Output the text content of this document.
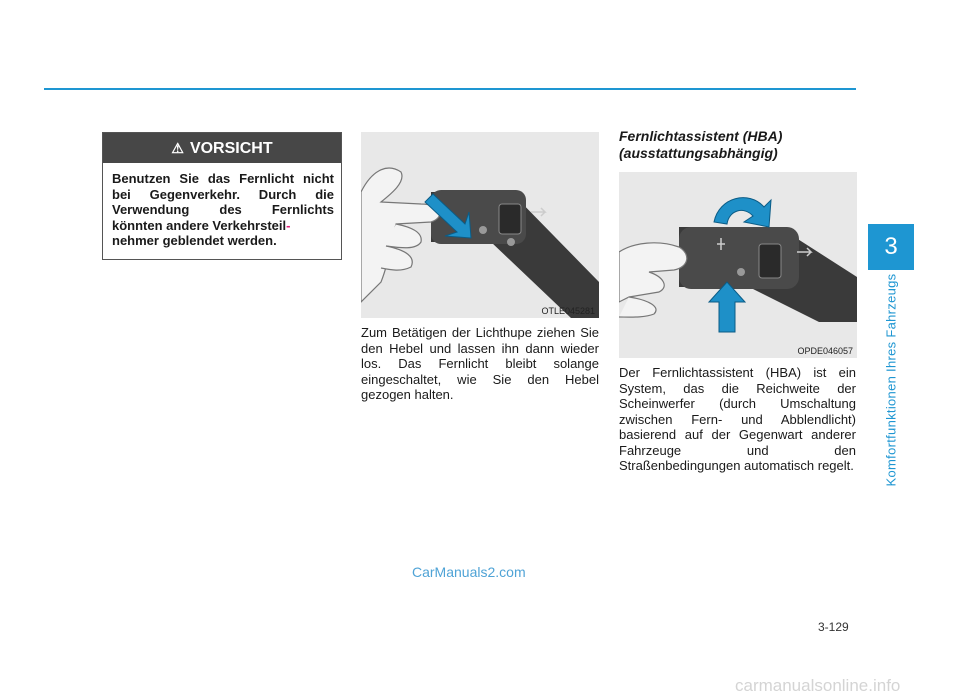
3
Komfortfunktionen Ihres Fahrzeugs
⚠ VORSICHT
Benutzen Sie das Fernlicht nicht bei Gegenverkehr. Durch die Verwendung des Fernlichts könnten andere Verkehrsteil-
nehmer geblendet werden.
OTLE045281
Zum Betätigen der Lichthupe ziehen Sie den Hebel und lassen ihn dann wieder los. Das Fernlicht bleibt solange eingeschaltet, wie Sie den Hebel gezogen halten.
Fernlichtassistent (HBA)
(ausstattungsabhängig)
OPDE046057
Der Fernlichtassistent (HBA) ist ein System, das die Reichweite der Scheinwerfer (durch Umschaltung zwischen Fern- und Abblendlicht) basierend auf der Gegenwart anderer Fahrzeuge und den Straßenbedingungen automatisch regelt.
CarManuals2.com
3-129
carmanualsonline.info
